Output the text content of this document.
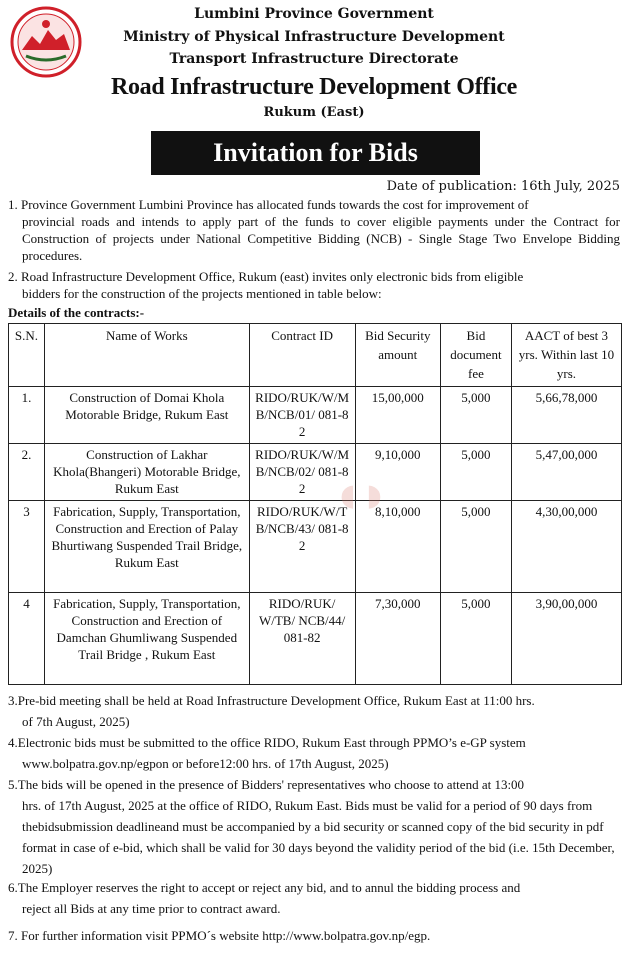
Lumbini Province Government
Ministry of Physical Infrastructure Development
Transport Infrastructure Directorate
Road Infrastructure Development Office
Rukum (East)
Invitation for Bids
Date of publication: 16th July, 2025
1. Province Government Lumbini Province has allocated funds towards the cost for improvement of
provincial roads and intends to apply part of the funds to cover eligible payments under the Contract for Construction of projects under National Competitive Bidding (NCB) - Single Stage Two Envelope Bidding procedures.
2. Road Infrastructure Development Office, Rukum (east) invites only electronic bids from eligible
bidders for the construction of the projects mentioned in table below:
Details of the contracts:-
S.N.	Name of Works	Contract ID	Bid Security amount	Bid document fee	AACT of best 3 yrs. Within last 10 yrs.
1.	Construction of Domai Khola Motorable Bridge, Rukum East	RIDO/RUK/W/MB/NCB/01/ 081-82	15,00,000	5,000	5,66,78,000
2.	Construction of Lakhar Khola(Bhangeri) Motorable Bridge, Rukum East	RIDO/RUK/W/MB/NCB/02/ 081-82	9,10,000	5,000	5,47,00,000
3	Fabrication, Supply, Transportation, Construction and Erection of Palay Bhurtiwang Suspended Trail Bridge, Rukum East	RIDO/RUK/W/TB/NCB/43/ 081-82	8,10,000	5,000	4,30,00,000
4	Fabrication, Supply, Transportation, Construction and Erection of Damchan Ghumliwang Suspended Trail Bridge , Rukum East	RIDO/RUK/ W/TB/ NCB/44/ 081-82	7,30,000	5,000	3,90,00,000
◖ ◗
3.Pre-bid meeting shall be held at Road Infrastructure Development Office, Rukum East at 11:00 hrs.
of 7th August, 2025)
4.Electronic bids must be submitted to the office RIDO, Rukum East through PPMO’s e-GP system
www.bolpatra.gov.np/egpon or before12:00 hrs. of 17th August, 2025)
5.The bids will be opened in the presence of Bidders' representatives who choose to attend at 13:00
hrs. of 17th August, 2025 at the office of RIDO, Rukum East. Bids must be valid for a period of 90 days from thebidsubmission deadlineand must be accompanied by a bid security or scanned copy of the bid security in pdf format in case of e-bid, which shall be valid for 30 days beyond the validity period of the bid (i.e. 15th December, 2025)
6.The Employer reserves the right to accept or reject any bid, and to annul the bidding process and
reject all Bids at any time prior to contract award.
7. For further information visit PPMO´s website http://www.bolpatra.gov.np/egp.
